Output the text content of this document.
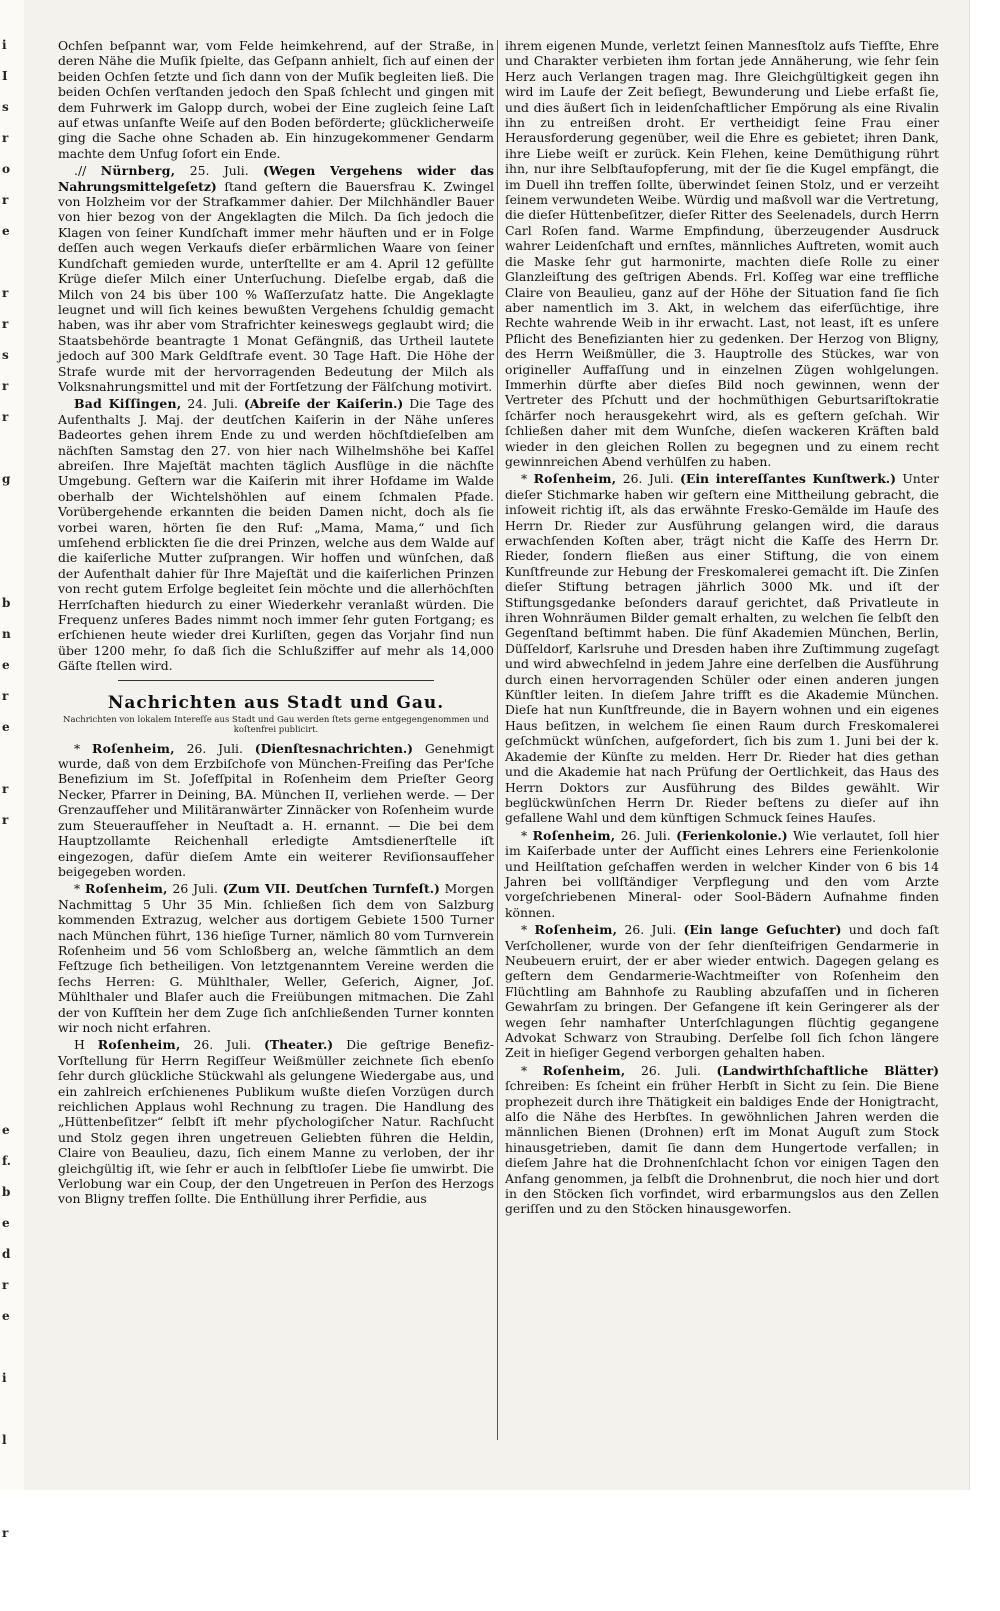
i
I
s
r
o
r
e
r
r
s
r
r
g
b
n
e
r
e
r
r
e
f.
b
e
d
r
e
i
l
r

Ochſen beſpannt war, vom Felde heimkehrend, auf der Straße, in deren Nähe die Muſik ſpielte, das Geſpann anhielt, ſich auf einen der beiden Ochſen ſetzte und ſich dann von der Muſik begleiten ließ. Die beiden Ochſen verſtanden jedoch den Spaß ſchlecht und gingen mit dem Fuhrwerk im Galopp durch, wobei der Eine zugleich ſeine Laſt auf etwas unſanfte Weiſe auf den Boden beförderte; glücklicherweiſe ging die Sache ohne Schaden ab. Ein hinzugekommener Gendarm machte dem Unfug ſofort ein Ende.

.// Nürnberg, 25. Juli. (Wegen Vergehens wider das Nahrungsmittelgeſetz) ſtand geſtern die Bauersfrau K. Zwingel von Holzheim vor der Strafkammer dahier. Der Milchhändler Bauer von hier bezog von der Angeklagten die Milch. Da ſich jedoch die Klagen von ſeiner Kundſchaft immer mehr häuften und er in Folge deſſen auch wegen Verkaufs dieſer erbärmlichen Waare von ſeiner Kundſchaft gemieden wurde, unterſtellte er am 4. April 12 gefüllte Krüge dieſer Milch einer Unterſuchung. Dieſelbe ergab, daß die Milch von 24 bis über 100 % Waſſerzuſatz hatte. Die Angeklagte leugnet und will ſich keines bewußten Vergehens ſchuldig gemacht haben, was ihr aber vom Strafrichter keineswegs geglaubt wird; die Staatsbehörde beantragte 1 Monat Gefängniß, das Urtheil lautete jedoch auf 300 Mark Geldſtrafe event. 30 Tage Haft. Die Höhe der Strafe wurde mit der hervorragenden Bedeutung der Milch als Volksnahrungsmittel und mit der Fortſetzung der Fälſchung motivirt.

Bad Kiſſingen, 24. Juli. (Abreiſe der Kaiſerin.) Die Tage des Aufenthalts J. Maj. der deutſchen Kaiſerin in der Nähe unſeres Badeortes gehen ihrem Ende zu und werden höchſtdieſelben am nächſten Samstag den 27. von hier nach Wilhelmshöhe bei Kaſſel abreiſen. Ihre Majeſtät machten täglich Ausflüge in die nächſte Umgebung. Geſtern war die Kaiſerin mit ihrer Hofdame im Walde oberhalb der Wichtelshöhlen auf einem ſchmalen Pfade. Vorübergehende erkannten die beiden Damen nicht, doch als ſie vorbei waren, hörten ſie den Ruf: „Mama, Mama,“ und ſich umſehend erblickten ſie die drei Prinzen, welche aus dem Walde auf die kaiſerliche Mutter zuſprangen. Wir hoffen und wünſchen, daß der Aufenthalt dahier für Ihre Majeſtät und die kaiſerlichen Prinzen von recht gutem Erfolge begleitet ſein möchte und die allerhöchſten Herrſchaften hiedurch zu einer Wiederkehr veranlaßt würden. Die Frequenz unſeres Bades nimmt noch immer ſehr guten Fortgang; es erſchienen heute wieder drei Kurliſten, gegen das Vorjahr ſind nun über 1200 mehr, ſo daß ſich die Schlußziffer auf mehr als 14,000 Gäſte ſtellen wird.

Nachrichten aus Stadt und Gau.
Nachrichten von lokalem Intereſſe aus Stadt und Gau werden ſtets gerne entgegengenommen und koſtenfrei publicirt.

* Roſenheim, 26. Juli. (Dienſtesnachrichten.) Genehmigt wurde, daß von dem Erzbiſchofe von München-Freiſing das Per'ſche Benefizium im St. Joſefſpital in Roſenheim dem Prieſter Georg Necker, Pfarrer in Deining, BA. München II, verliehen werde. — Der Grenzaufſeher und Militäranwärter Zinnäcker von Roſenheim wurde zum Steueraufſeher in Neuſtadt a. H. ernannt. — Die bei dem Hauptzollamte Reichenhall erledigte Amtsdienerſtelle iſt eingezogen, dafür dieſem Amte ein weiterer Reviſionsaufſeher beigegeben worden.

* Roſenheim, 26 Juli. (Zum VII. Deutſchen Turnfeſt.) Morgen Nachmittag 5 Uhr 35 Min. ſchließen ſich dem von Salzburg kommenden Extrazug, welcher aus dortigem Gebiete 1500 Turner nach München führt, 136 hieſige Turner, nämlich 80 vom Turnverein Roſenheim und 56 vom Schloßberg an, welche ſämmtlich an dem Feſtzuge ſich betheiligen. Von letztgenanntem Vereine werden die ſechs Herren: G. Mühlthaler, Weller, Geſerich, Aigner, Joſ. Mühlthaler und Blaſer auch die Freiübungen mitmachen. Die Zahl der von Kufſtein her dem Zuge ſich anſchließenden Turner konnten wir noch nicht erfahren.

H Roſenheim, 26. Juli. (Theater.) Die geſtrige Benefiz-Vorſtellung für Herrn Regiſſeur Weißmüller zeichnete ſich ebenſo ſehr durch glückliche Stückwahl als gelungene Wiedergabe aus, und ein zahlreich erſchienenes Publikum wußte dieſen Vorzügen durch reichlichen Applaus wohl Rechnung zu tragen. Die Handlung des „Hüttenbeſitzer“ ſelbſt iſt mehr pſychologiſcher Natur. Rachſucht und Stolz gegen ihren ungetreuen Geliebten führen die Heldin, Claire von Beaulieu, dazu, ſich einem Manne zu verloben, der ihr gleichgültig iſt, wie ſehr er auch in ſelbſtloſer Liebe ſie umwirbt. Die Verlobung war ein Coup, der den Ungetreuen in Perſon des Herzogs von Bligny treffen ſollte. Die Enthüllung ihrer Perfidie, aus

ihrem eigenen Munde, verletzt ſeinen Mannesſtolz aufs Tiefſte, Ehre und Charakter verbieten ihm fortan jede Annäherung, wie ſehr ſein Herz auch Verlangen tragen mag. Ihre Gleichgültigkeit gegen ihn wird im Laufe der Zeit beſiegt, Bewunderung und Liebe erfaßt ſie, und dies äußert ſich in leidenſchaftlicher Empörung als eine Rivalin ihn zu entreißen droht. Er vertheidigt ſeine Frau einer Herausforderung gegenüber, weil die Ehre es gebietet; ihren Dank, ihre Liebe weiſt er zurück. Kein Flehen, keine Demüthigung rührt ihn, nur ihre Selbſtaufopferung, mit der ſie die Kugel empfängt, die im Duell ihn treffen ſollte, überwindet ſeinen Stolz, und er verzeiht ſeinem verwundeten Weibe. Würdig und maßvoll war die Vertretung, die dieſer Hüttenbeſitzer, dieſer Ritter des Seelenadels, durch Herrn Carl Roſen fand. Warme Empfindung, überzeugender Ausdruck wahrer Leidenſchaft und ernſtes, männliches Auftreten, womit auch die Maske ſehr gut harmonirte, machten dieſe Rolle zu einer Glanzleiſtung des geſtrigen Abends. Frl. Koſſeg war eine treffliche Claire von Beaulieu, ganz auf der Höhe der Situation fand ſie ſich aber namentlich im 3. Akt, in welchem das eiferſüchtige, ihre Rechte wahrende Weib in ihr erwacht. Last, not least, iſt es unſere Pflicht des Benefizianten hier zu gedenken. Der Herzog von Bligny, des Herrn Weißmüller, die 3. Hauptrolle des Stückes, war von origineller Auffaſſung und in einzelnen Zügen wohlgelungen. Immerhin dürfte aber dieſes Bild noch gewinnen, wenn der Vertreter des Pſchutt und der hochmüthigen Geburtsariſtokratie ſchärfer noch herausgekehrt wird, als es geſtern geſchah. Wir ſchließen daher mit dem Wunſche, dieſen wackeren Kräften bald wieder in den gleichen Rollen zu begegnen und zu einem recht gewinnreichen Abend verhülfen zu haben.

* Roſenheim, 26. Juli. (Ein intereſſantes Kunſtwerk.) Unter dieſer Stichmarke haben wir geſtern eine Mittheilung gebracht, die inſoweit richtig iſt, als das erwähnte Fresko-Gemälde im Hauſe des Herrn Dr. Rieder zur Ausführung gelangen wird, die daraus erwachſenden Koſten aber, trägt nicht die Kaſſe des Herrn Dr. Rieder, ſondern fließen aus einer Stiftung, die von einem Kunſtfreunde zur Hebung der Freskomalerei gemacht iſt. Die Zinſen dieſer Stiftung betragen jährlich 3000 Mk. und iſt der Stiftungsgedanke beſonders darauf gerichtet, daß Privatleute in ihren Wohnräumen Bilder gemalt erhalten, zu welchen ſie ſelbſt den Gegenſtand beſtimmt haben. Die fünf Akademien München, Berlin, Düſſeldorf, Karlsruhe und Dresden haben ihre Zuſtimmung zugeſagt und wird abwechſelnd in jedem Jahre eine derſelben die Ausführung durch einen hervorragenden Schüler oder einen anderen jungen Künſtler leiten. In dieſem Jahre trifft es die Akademie München. Dieſe hat nun Kunſtfreunde, die in Bayern wohnen und ein eigenes Haus beſitzen, in welchem ſie einen Raum durch Freskomalerei geſchmückt wünſchen, aufgefordert, ſich bis zum 1. Juni bei der k. Akademie der Künſte zu melden. Herr Dr. Rieder hat dies gethan und die Akademie hat nach Prüfung der Oertlichkeit, das Haus des Herrn Doktors zur Ausführung des Bildes gewählt. Wir beglückwünſchen Herrn Dr. Rieder beſtens zu dieſer auf ihn gefallene Wahl und dem künftigen Schmuck ſeines Hauſes.

* Roſenheim, 26. Juli. (Ferienkolonie.) Wie verlautet, ſoll hier im Kaiſerbade unter der Aufſicht eines Lehrers eine Ferienkolonie und Heilſtation geſchaffen werden in welcher Kinder von 6 bis 14 Jahren bei vollſtändiger Verpflegung und den vom Arzte vorgeſchriebenen Mineral- oder Sool-Bädern Aufnahme finden können.

* Roſenheim, 26. Juli. (Ein lange Geſuchter) und doch faſt Verſchollener, wurde von der ſehr dienſteifrigen Gendarmerie in Neubeuern eruirt, der er aber wieder entwich. Dagegen gelang es geſtern dem Gendarmerie-Wachtmeiſter von Roſenheim den Flüchtling am Bahnhofe zu Raubling abzufaſſen und in ſicheren Gewahrſam zu bringen. Der Gefangene iſt kein Geringerer als der wegen ſehr namhafter Unterſchlagungen flüchtig gegangene Advokat Schwarz von Straubing. Derſelbe ſoll ſich ſchon längere Zeit in hieſiger Gegend verborgen gehalten haben.

* Roſenheim, 26. Juli. (Landwirthſchaftliche Blätter) ſchreiben: Es ſcheint ein früher Herbſt in Sicht zu ſein. Die Biene prophezeit durch ihre Thätigkeit ein baldiges Ende der Honigtracht, alſo die Nähe des Herbſtes. In gewöhnlichen Jahren werden die männlichen Bienen (Drohnen) erſt im Monat Auguſt zum Stock hinausgetrieben, damit ſie dann dem Hungertode verfallen; in dieſem Jahre hat die Drohnenſchlacht ſchon vor einigen Tagen den Anfang genommen, ja ſelbſt die Drohnenbrut, die noch hier und dort in den Stöcken ſich vorfindet, wird erbarmungslos aus den Zellen geriſſen und zu den Stöcken hinausgeworfen.
